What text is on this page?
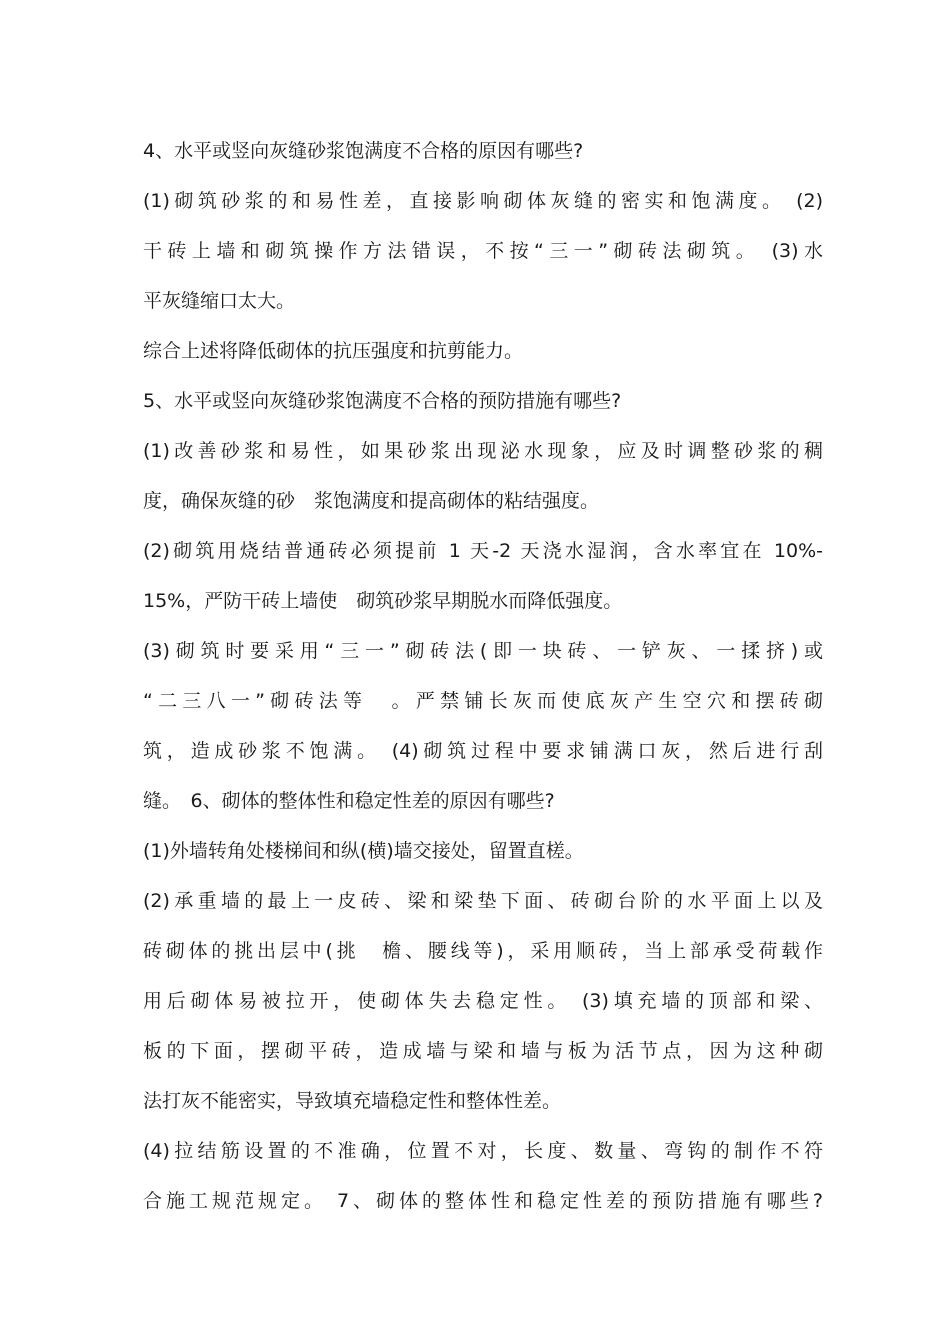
4、水平或竖向灰缝砂浆饱满度不合格的原因有哪些?
(1)砌筑砂浆的和易性差，直接影响砌体灰缝的密实和饱满度。 (2)
干砖上墙和砌筑操作方法错误，不按“三一”砌砖法砌筑。 (3)水
平灰缝缩口太大。
综合上述将降低砌体的抗压强度和抗剪能力。
5、水平或竖向灰缝砂浆饱满度不合格的预防措施有哪些?
(1)改善砂浆和易性，如果砂浆出现泌水现象，应及时调整砂浆的稠
度，确保灰缝的砂　浆饱满度和提高砌体的粘结强度。
(2)砌筑用烧结普通砖必须提前 1 天-2 天浇水湿润，含水率宜在 10%-
15%，严防干砖上墙使　砌筑砂浆早期脱水而降低强度。
(3)砌筑时要采用“三一”砌砖法(即一块砖、一铲灰、一揉挤)或
“二三八一”砌砖法等　。严禁铺长灰而使底灰产生空穴和摆砖砌
筑，造成砂浆不饱满。 (4)砌筑过程中要求铺满口灰，然后进行刮
缝。　6、砌体的整体性和稳定性差的原因有哪些?
(1)外墙转角处楼梯间和纵(横)墙交接处，留置直槎。
(2)承重墙的最上一皮砖、梁和梁垫下面、砖砌台阶的水平面上以及
砖砌体的挑出层中(挑　檐、腰线等)，采用顺砖，当上部承受荷载作
用后砌体易被拉开，使砌体失去稳定性。 (3)填充墙的顶部和梁、
板的下面，摆砌平砖，造成墙与梁和墙与板为活节点，因为这种砌
法打灰不能密实，导致填充墙稳定性和整体性差。
(4)拉结筋设置的不准确，位置不对，长度、数量、弯钩的制作不符
合施工规范规定。 7、砌体的整体性和稳定性差的预防措施有哪些?
